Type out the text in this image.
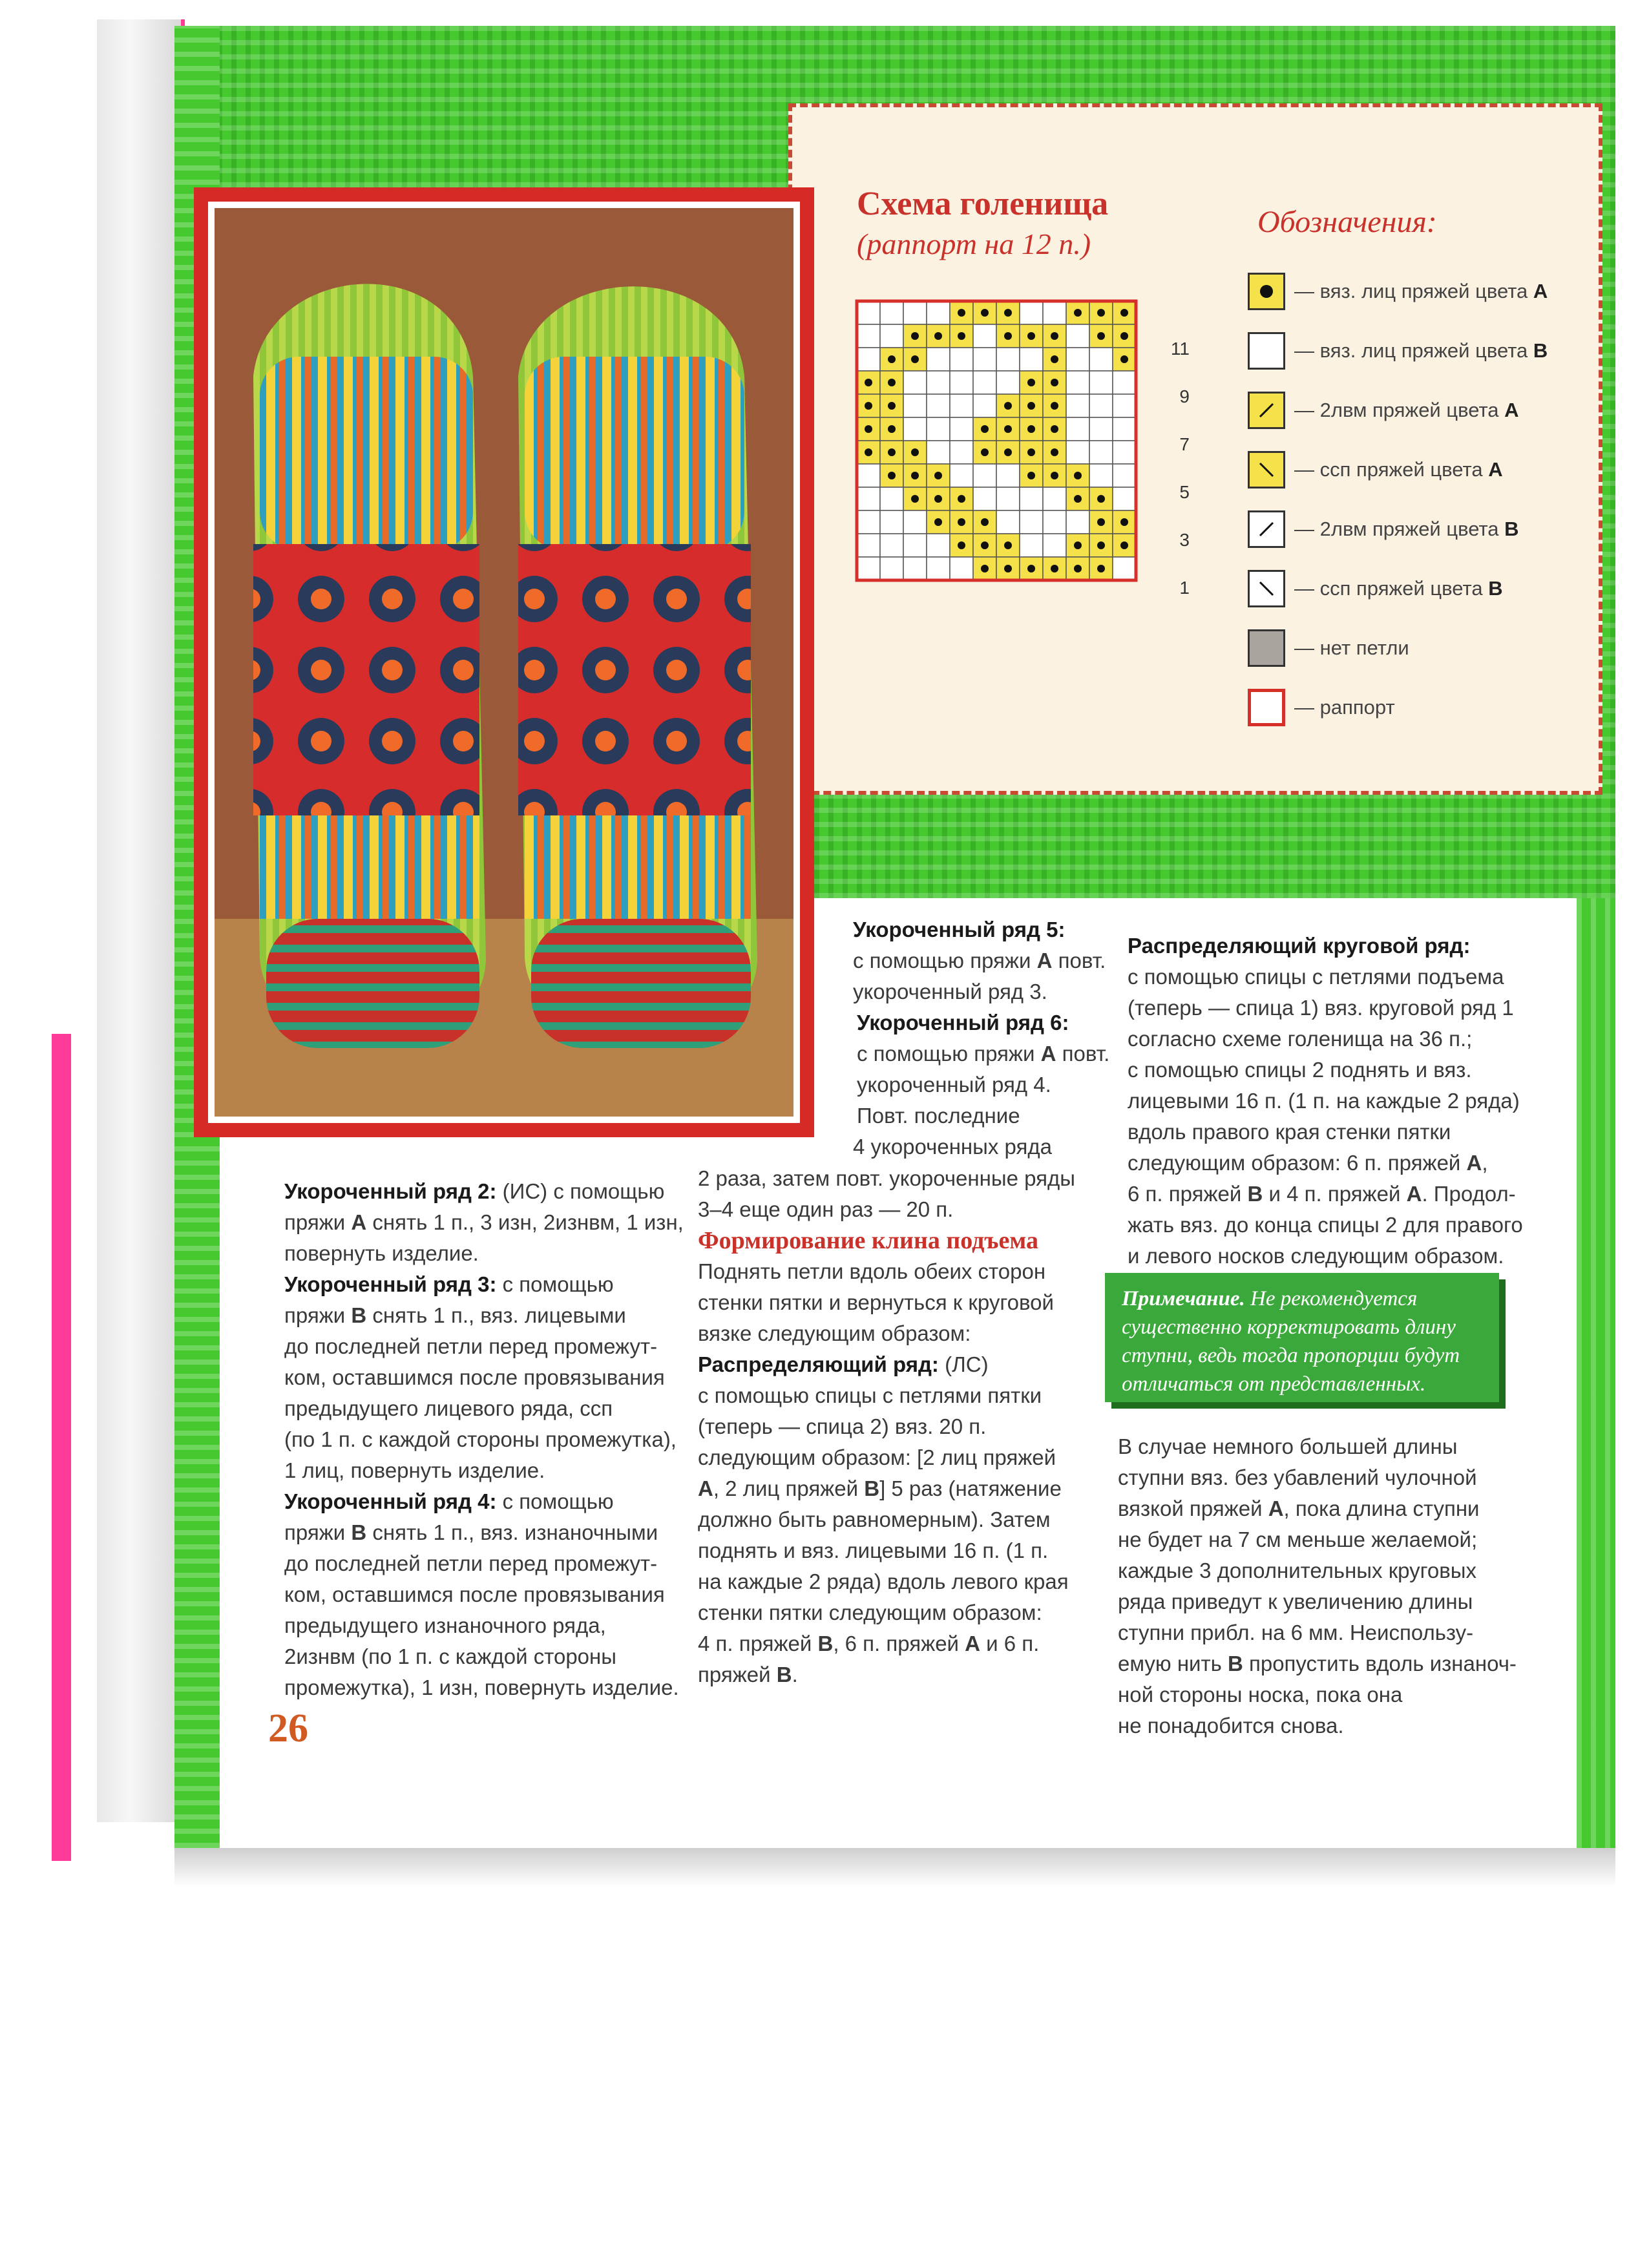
Схема голенища
(раппорт на 12 п.)
Обозначения:
11
9
7
5
3
1
— вяз. лиц пряжей цвета A
— вяз. лиц пряжей цвета B
— 2лвм пряжей цвета A
— ссп пряжей цвета A
— 2лвм пряжей цвета B
— ссп пряжей цвета B
— нет петли
— раппорт

Укороченный ряд 5:

с помощью пряжи A повт.

укороченный ряд 3.

Укороченный ряд 6:

с помощью пряжи A повт.

укороченный ряд 4.

Повт. последние

4 укороченных ряда

2 раза, затем повт. укороченные ряды

3–4 еще один раз — 20 п.

Формирование клина подъема

Поднять петли вдоль обеих сторон

стенки пятки и вернуться к круговой

вязке следующим образом:

Распределяющий ряд: (ЛС)

с помощью спицы с петлями пятки

(теперь — спица 2) вяз. 20 п.

следующим образом: [2 лиц пряжей

A, 2 лиц пряжей B] 5 раз (натяжение

должно быть равномерным). Затем

поднять и вяз. лицевыми 16 п. (1 п.

на каждые 2 ряда) вдоль левого края

стенки пятки следующим образом:

4 п. пряжей B, 6 п. пряжей A и 6 п.

пряжей B.

Укороченный ряд 2: (ИС) с помощью

пряжи A снять 1 п., 3 изн, 2изнвм, 1 изн,

повернуть изделие.

Укороченный ряд 3: с помощью

пряжи B снять 1 п., вяз. лицевыми

до последней петли перед промежут-

ком, оставшимся после провязывания

предыдущего лицевого ряда, ссп

(по 1 п. с каждой стороны промежутка),

1 лиц, повернуть изделие.

Укороченный ряд 4: с помощью

пряжи B снять 1 п., вяз. изнаночными

до последней петли перед промежут-

ком, оставшимся после провязывания

предыдущего изнаночного ряда,

2изнвм (по 1 п. с каждой стороны

промежутка), 1 изн, повернуть изделие.

Распределяющий круговой ряд:

с помощью спицы с петлями подъема

(теперь — спица 1) вяз. круговой ряд 1

согласно схеме голенища на 36 п.;

с помощью спицы 2 поднять и вяз.

лицевыми 16 п. (1 п. на каждые 2 ряда)

вдоль правого края стенки пятки

следующим образом: 6 п. пряжей A,

6 п. пряжей B и 4 п. пряжей A. Продол-

жать вяз. до конца спицы 2 для правого

и левого носков следующим образом.

Примечание. Не рекомендуется существенно корректировать длину ступни, ведь тогда пропорции будут отличаться от представленных.

В случае немного большей длины

ступни вяз. без убавлений чулочной

вязкой пряжей A, пока длина ступни

не будет на 7 см меньше желаемой;

каждые 3 дополнительных круговых

ряда приведут к увеличению длины

ступни прибл. на 6 мм. Неиспользу-

емую нить B пропустить вдоль изнаноч-

ной стороны носка, пока она

не понадобится снова.

26
